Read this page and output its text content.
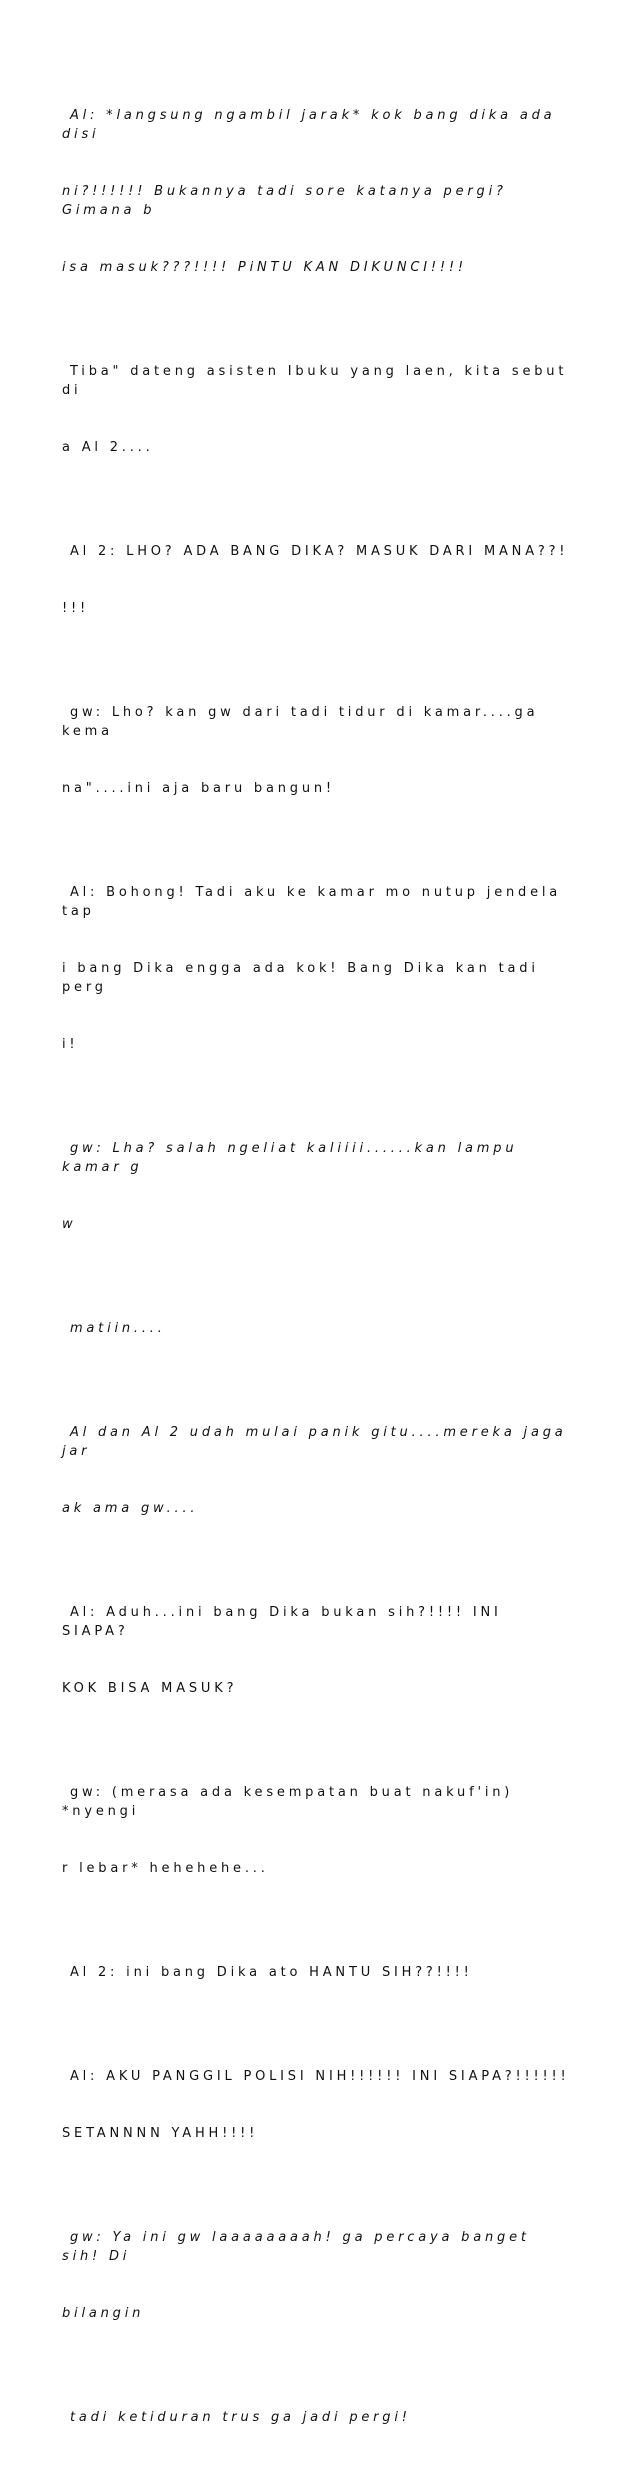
Al: *langsung ngambil jarak* kok bang dika ada disi

ni?!!!!!! Bukannya tadi sore katanya pergi? Gimana b

isa masuk???!!!! PiNTU KAN DIKUNCI!!!!

Tiba" dateng asisten Ibuku yang laen, kita sebut di

a Al 2....

Al 2: LHO? ADA BANG DIKA? MASUK DARI MANA??!

!!!

gw: Lho? kan gw dari tadi tidur di kamar....ga kema

na"....ini aja baru bangun!

Al: Bohong! Tadi aku ke kamar mo nutup jendela tap

i bang Dika engga ada kok! Bang Dika kan tadi perg

i!

gw: Lha? salah ngeliat kaliiii......kan lampu kamar g

w

matiin....

Al dan Al 2 udah mulai panik gitu....mereka jaga jar

ak ama gw....

Al: Aduh...ini bang Dika bukan sih?!!!! INI SIAPA?

KOK BISA MASUK?

gw: (merasa ada kesempatan buat nakuf'in) *nyengi

r lebar* hehehehe...

Al 2: ini bang Dika ato HANTU SIH??!!!!

Al: AKU PANGGIL POLISI NIH!!!!!! INI SIAPA?!!!!!!

SETANNNN YAHH!!!!

gw: Ya ini gw laaaaaaaah! ga percaya banget sih! Di

bilangin

tadi ketiduran trus ga jadi pergi!
